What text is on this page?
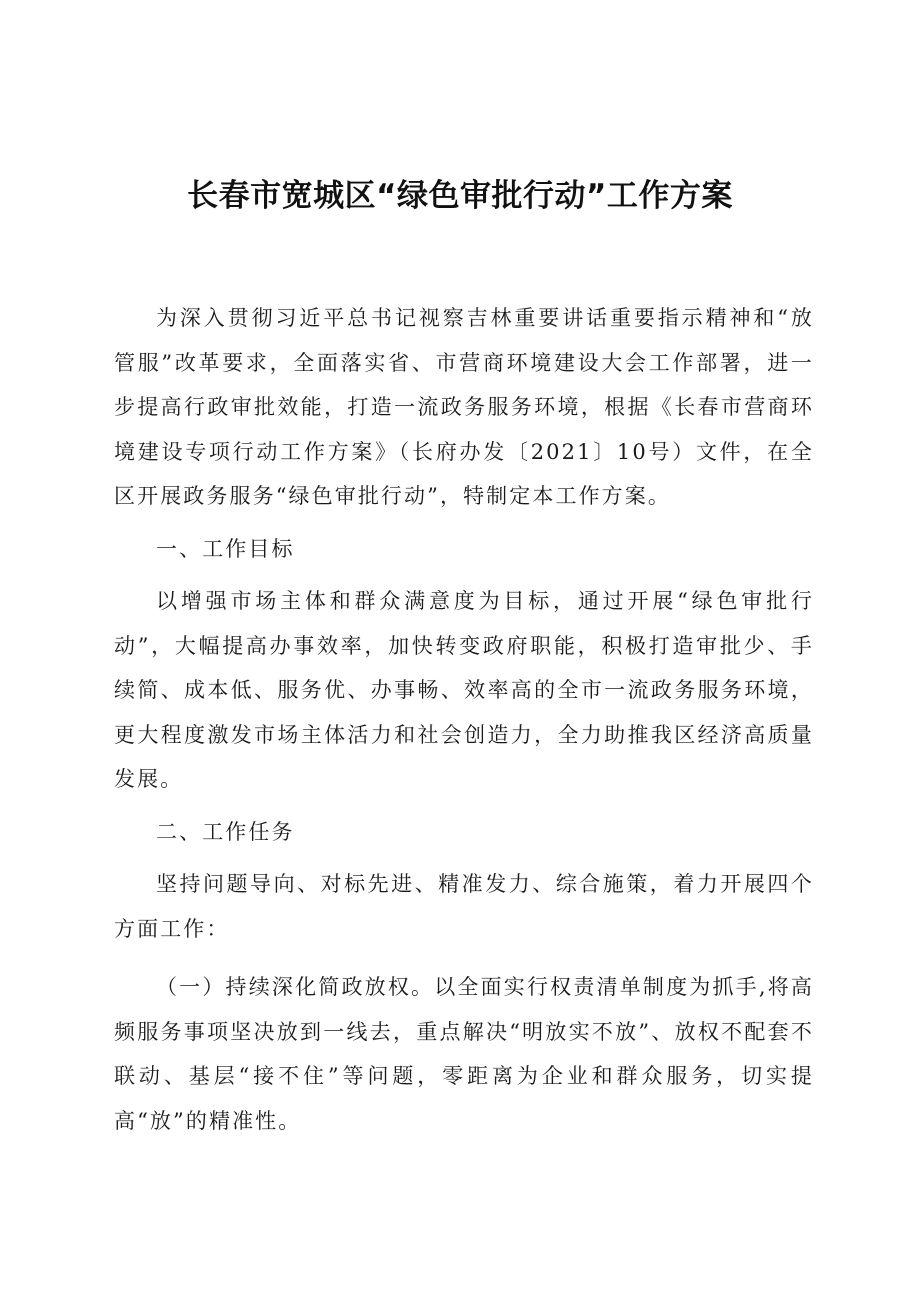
长春市宽城区“绿色审批行动”工作方案

为深入贯彻习近平总书记视察吉林重要讲话重要指示精神和“放管服”改革要求，全面落实省、市营商环境建设大会工作部署，进一步提高行政审批效能，打造一流政务服务环境，根据《长春市营商环境建设专项行动工作方案》（长府办发〔2021〕10号）文件，在全区开展政务服务“绿色审批行动”，特制定本工作方案。

一、工作目标

以增强市场主体和群众满意度为目标，通过开展“绿色审批行动”，大幅提高办事效率，加快转变政府职能，积极打造审批少、手续简、成本低、服务优、办事畅、效率高的全市一流政务服务环境，更大程度激发市场主体活力和社会创造力，全力助推我区经济高质量发展。

二、工作任务

坚持问题导向、对标先进、精准发力、综合施策，着力开展四个方面工作：

（一）持续深化简政放权。以全面实行权责清单制度为抓手,将高频服务事项坚决放到一线去，重点解决“明放实不放”、放权不配套不联动、基层“接不住”等问题，零距离为企业和群众服务，切实提高“放”的精准性。
